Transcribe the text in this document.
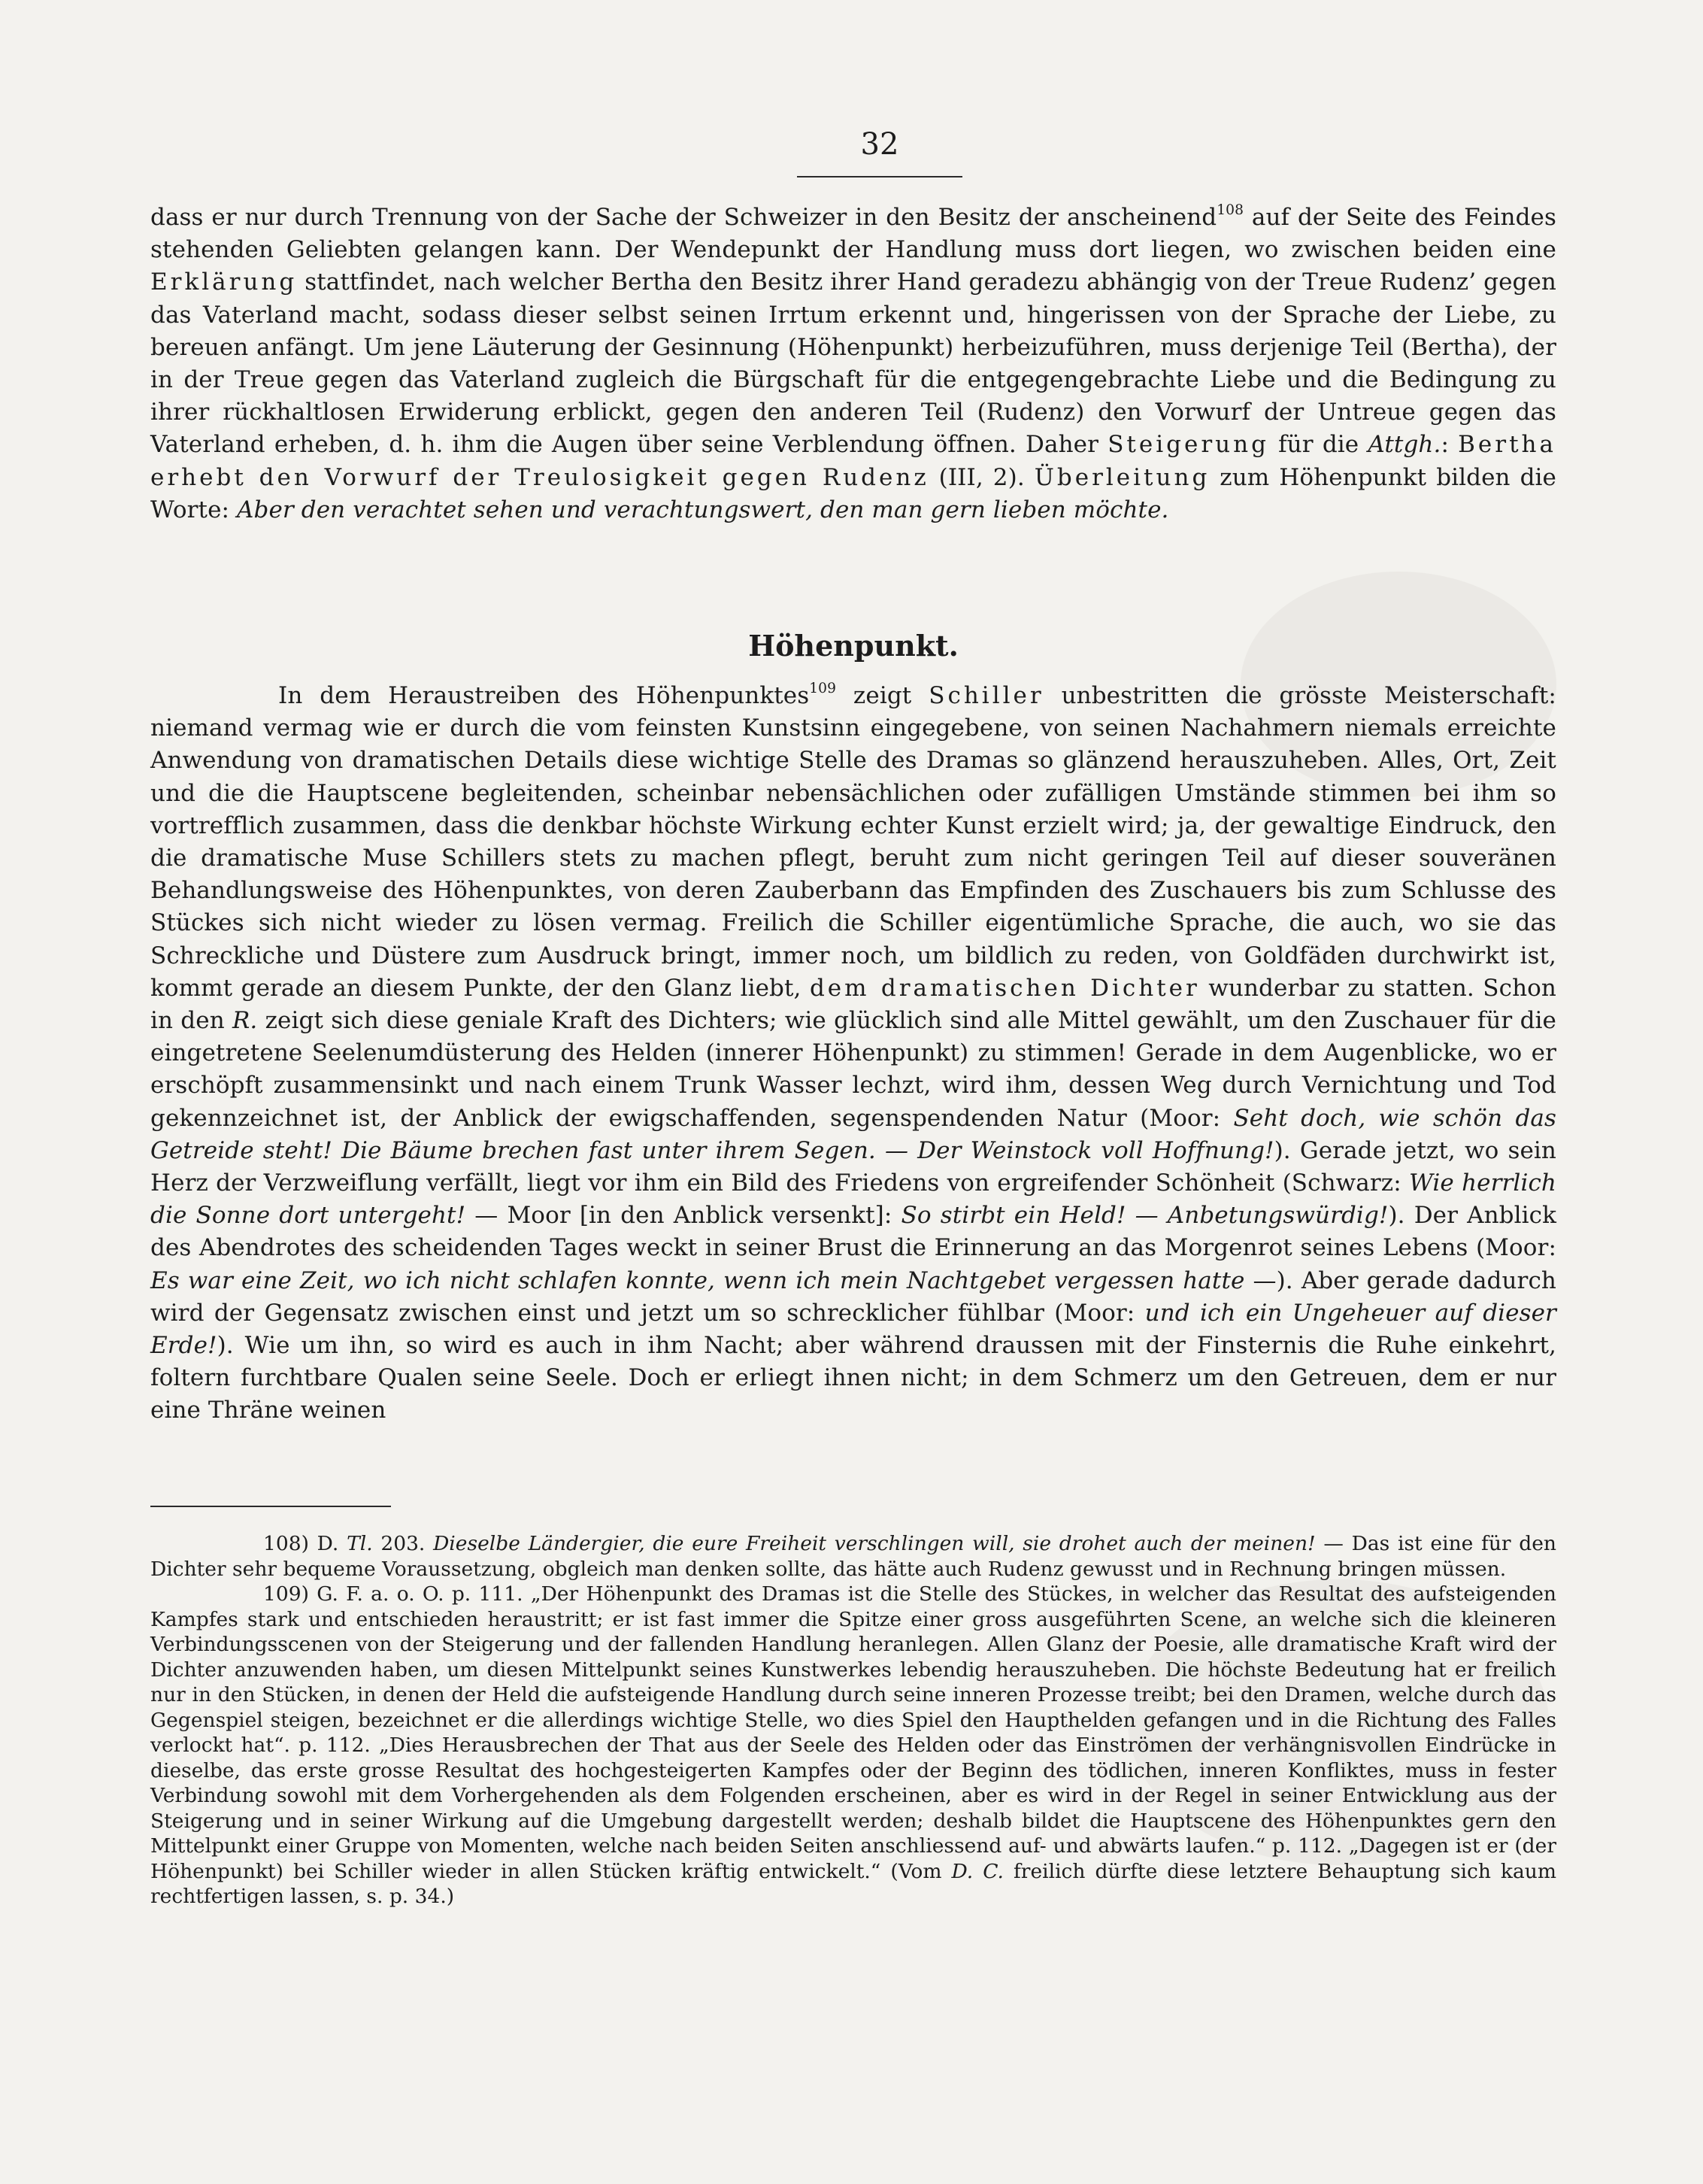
32

dass er nur durch Trennung von der Sache der Schweizer in den Besitz der anscheinend$^{108}$ auf der Seite des Feindes stehenden Geliebten gelangen kann. Der Wendepunkt der Handlung muss dort liegen, wo zwischen beiden eine Erklärung stattfindet, nach welcher Bertha den Besitz ihrer Hand geradezu abhängig von der Treue Rudenz’ gegen das Vaterland macht, sodass dieser selbst seinen Irrtum erkennt und, hingerissen von der Sprache der Liebe, zu bereuen anfängt. Um jene Läuterung der Gesinnung (Höhenpunkt) herbeizuführen, muss derjenige Teil (Bertha), der in der Treue gegen das Vaterland zugleich die Bürgschaft für die entgegengebrachte Liebe und die Bedingung zu ihrer rückhaltlosen Erwiderung erblickt, gegen den anderen Teil (Rudenz) den Vorwurf der Untreue gegen das Vaterland erheben, d. h. ihm die Augen über seine Verblendung öffnen. Daher Steigerung für die Attgh.: Bertha erhebt den Vorwurf der Treulosigkeit gegen Rudenz (III, 2). Überleitung zum Höhenpunkt bilden die Worte: Aber den verachtet sehen und verachtungswert, den man gern lieben möchte.

Höhenpunkt.

In dem Heraustreiben des Höhenpunktes$^{109}$ zeigt Schiller unbestritten die grösste Meisterschaft: niemand vermag wie er durch die vom feinsten Kunstsinn eingegebene, von seinen Nachahmern niemals erreichte Anwendung von dramatischen Details diese wichtige Stelle des Dramas so glänzend herauszuheben. Alles, Ort, Zeit und die die Hauptscene begleitenden, scheinbar nebensächlichen oder zufälligen Umstände stimmen bei ihm so vortrefflich zusammen, dass die denkbar höchste Wirkung echter Kunst erzielt wird; ja, der gewaltige Eindruck, den die dramatische Muse Schillers stets zu machen pflegt, beruht zum nicht geringen Teil auf dieser souveränen Behandlungsweise des Höhenpunktes, von deren Zauberbann das Empfinden des Zuschauers bis zum Schlusse des Stückes sich nicht wieder zu lösen vermag. Freilich die Schiller eigentümliche Sprache, die auch, wo sie das Schreckliche und Düstere zum Ausdruck bringt, immer noch, um bildlich zu reden, von Goldfäden durchwirkt ist, kommt gerade an diesem Punkte, der den Glanz liebt, dem dramatischen Dichter wunderbar zu statten. Schon in den R. zeigt sich diese geniale Kraft des Dichters; wie glücklich sind alle Mittel gewählt, um den Zuschauer für die eingetretene Seelenumdüsterung des Helden (innerer Höhenpunkt) zu stimmen! Gerade in dem Augenblicke, wo er erschöpft zusammensinkt und nach einem Trunk Wasser lechzt, wird ihm, dessen Weg durch Vernichtung und Tod gekennzeichnet ist, der Anblick der ewigschaffenden, segenspendenden Natur (Moor: Seht doch, wie schön das Getreide steht! Die Bäume brechen fast unter ihrem Segen. — Der Weinstock voll Hoffnung!). Gerade jetzt, wo sein Herz der Verzweiflung verfällt, liegt vor ihm ein Bild des Friedens von ergreifender Schönheit (Schwarz: Wie herrlich die Sonne dort untergeht! — Moor [in den Anblick versenkt]: So stirbt ein Held! — Anbetungswürdig!). Der Anblick des Abendrotes des scheidenden Tages weckt in seiner Brust die Erinnerung an das Morgenrot seines Lebens (Moor: Es war eine Zeit, wo ich nicht schlafen konnte, wenn ich mein Nachtgebet vergessen hatte —). Aber gerade dadurch wird der Gegensatz zwischen einst und jetzt um so schrecklicher fühlbar (Moor: und ich ein Ungeheuer auf dieser Erde!). Wie um ihn, so wird es auch in ihm Nacht; aber während draussen mit der Finsternis die Ruhe einkehrt, foltern furchtbare Qualen seine Seele. Doch er erliegt ihnen nicht; in dem Schmerz um den Getreuen, dem er nur eine Thräne weinen

108) D. Tl. 203. Dieselbe Ländergier, die eure Freiheit verschlingen will, sie drohet auch der meinen! — Das ist eine für den Dichter sehr bequeme Voraussetzung, obgleich man denken sollte, das hätte auch Rudenz gewusst und in Rechnung bringen müssen.

109) G. F. a. o. O. p. 111. „Der Höhenpunkt des Dramas ist die Stelle des Stückes, in welcher das Resultat des aufsteigenden Kampfes stark und entschieden heraustritt; er ist fast immer die Spitze einer gross ausgeführten Scene, an welche sich die kleineren Verbindungsscenen von der Steigerung und der fallenden Handlung heranlegen. Allen Glanz der Poesie, alle dramatische Kraft wird der Dichter anzuwenden haben, um diesen Mittelpunkt seines Kunstwerkes lebendig herauszuheben. Die höchste Bedeutung hat er freilich nur in den Stücken, in denen der Held die aufsteigende Handlung durch seine inneren Prozesse treibt; bei den Dramen, welche durch das Gegenspiel steigen, bezeichnet er die allerdings wichtige Stelle, wo dies Spiel den Haupthelden gefangen und in die Richtung des Falles verlockt hat“. p. 112. „Dies Herausbrechen der That aus der Seele des Helden oder das Einströmen der verhängnisvollen Eindrücke in dieselbe, das erste grosse Resultat des hochgesteigerten Kampfes oder der Beginn des tödlichen, inneren Konfliktes, muss in fester Verbindung sowohl mit dem Vorhergehenden als dem Folgenden erscheinen, aber es wird in der Regel in seiner Entwicklung aus der Steigerung und in seiner Wirkung auf die Umgebung dargestellt werden; deshalb bildet die Hauptscene des Höhenpunktes gern den Mittelpunkt einer Gruppe von Momenten, welche nach beiden Seiten anschliessend auf- und abwärts laufen.“ p. 112. „Dagegen ist er (der Höhenpunkt) bei Schiller wieder in allen Stücken kräftig entwickelt.“ (Vom D. C. freilich dürfte diese letztere Behauptung sich kaum rechtfertigen lassen, s. p. 34.)
